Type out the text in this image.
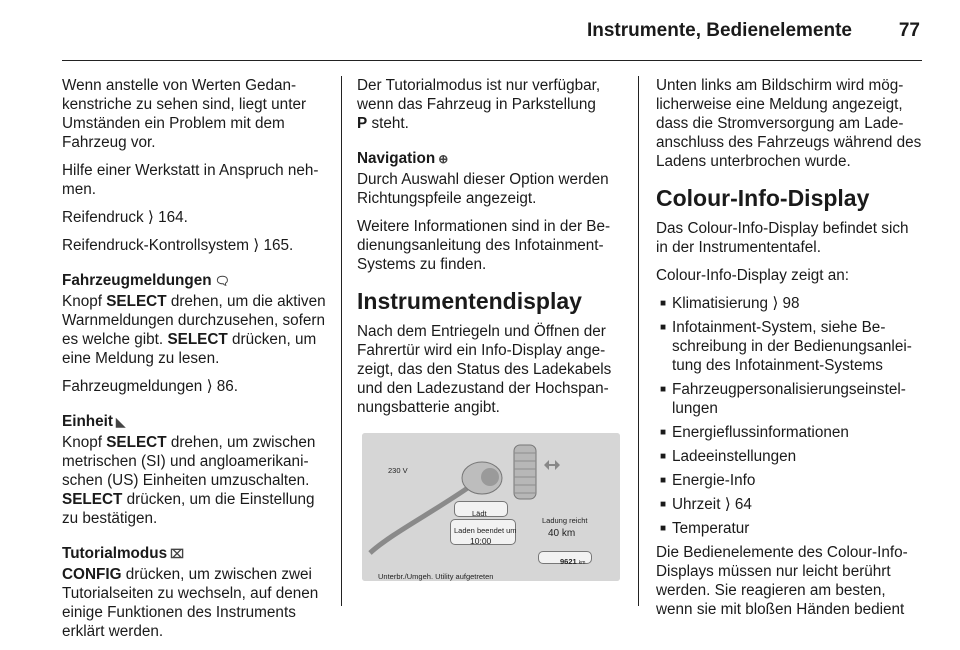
Instrumente, Bedienelemente 77

Wenn anstelle von Werten Gedankenstriche zu sehen sind, liegt unter Umständen ein Problem mit dem Fahrzeug vor.

Hilfe einer Werkstatt in Anspruch nehmen.

Reifendruck ⟩ 164.

Reifendruck-Kontrollsystem ⟩ 165.

Fahrzeugmeldungen 🗨

Knopf SELECT drehen, um die aktiven Warnmeldungen durchzusehen, sofern es welche gibt. SELECT drücken, um eine Meldung zu lesen.

Fahrzeugmeldungen ⟩ 86.

Einheit ◣

Knopf SELECT drehen, um zwischen metrischen (SI) und angloamerikanischen (US) Einheiten umzuschalten. SELECT drücken, um die Einstellung zu bestätigen.

Tutorialmodus ⌧

CONFIG drücken, um zwischen zwei Tutorialseiten zu wechseln, auf denen einige Funktionen des Instruments erklärt werden.

Der Tutorialmodus ist nur verfügbar, wenn das Fahrzeug in Parkstellung
P steht.

Navigation ⊕

Durch Auswahl dieser Option werden Richtungspfeile angezeigt.

Weitere Informationen sind in der Bedienungsanleitung des Infotainment-Systems zu finden.

Instrumentendisplay

Nach dem Entriegeln und Öffnen der Fahrertür wird ein Info-Display angezeigt, das den Status des Ladekabels und den Ladezustand der Hochspannungsbatterie angibt.

230 V
Lädt
Laden beendet um
10:00
Ladung reicht
40 km
9621 km
Unterbr./Umgeh. Utility aufgetreten

Unten links am Bildschirm wird möglicherweise eine Meldung angezeigt, dass die Stromversorgung am Ladeanschluss des Fahrzeugs während des Ladens unterbrochen wurde.

Colour-Info-Display

Das Colour-Info-Display befindet sich in der Instrumententafel.

Colour-Info-Display zeigt an:

■ Klimatisierung ⟩ 98
■ Infotainment-System, siehe Beschreibung in der Bedienungsanleitung des Infotainment-Systems
■ Fahrzeugpersonalisierungseinstellungen
■ Energieflussinformationen
■ Ladeeinstellungen
■ Energie-Info
■ Uhrzeit ⟩ 64
■ Temperatur

Die Bedienelemente des Colour-Info-Displays müssen nur leicht berührt werden. Sie reagieren am besten, wenn sie mit bloßen Händen bedient
